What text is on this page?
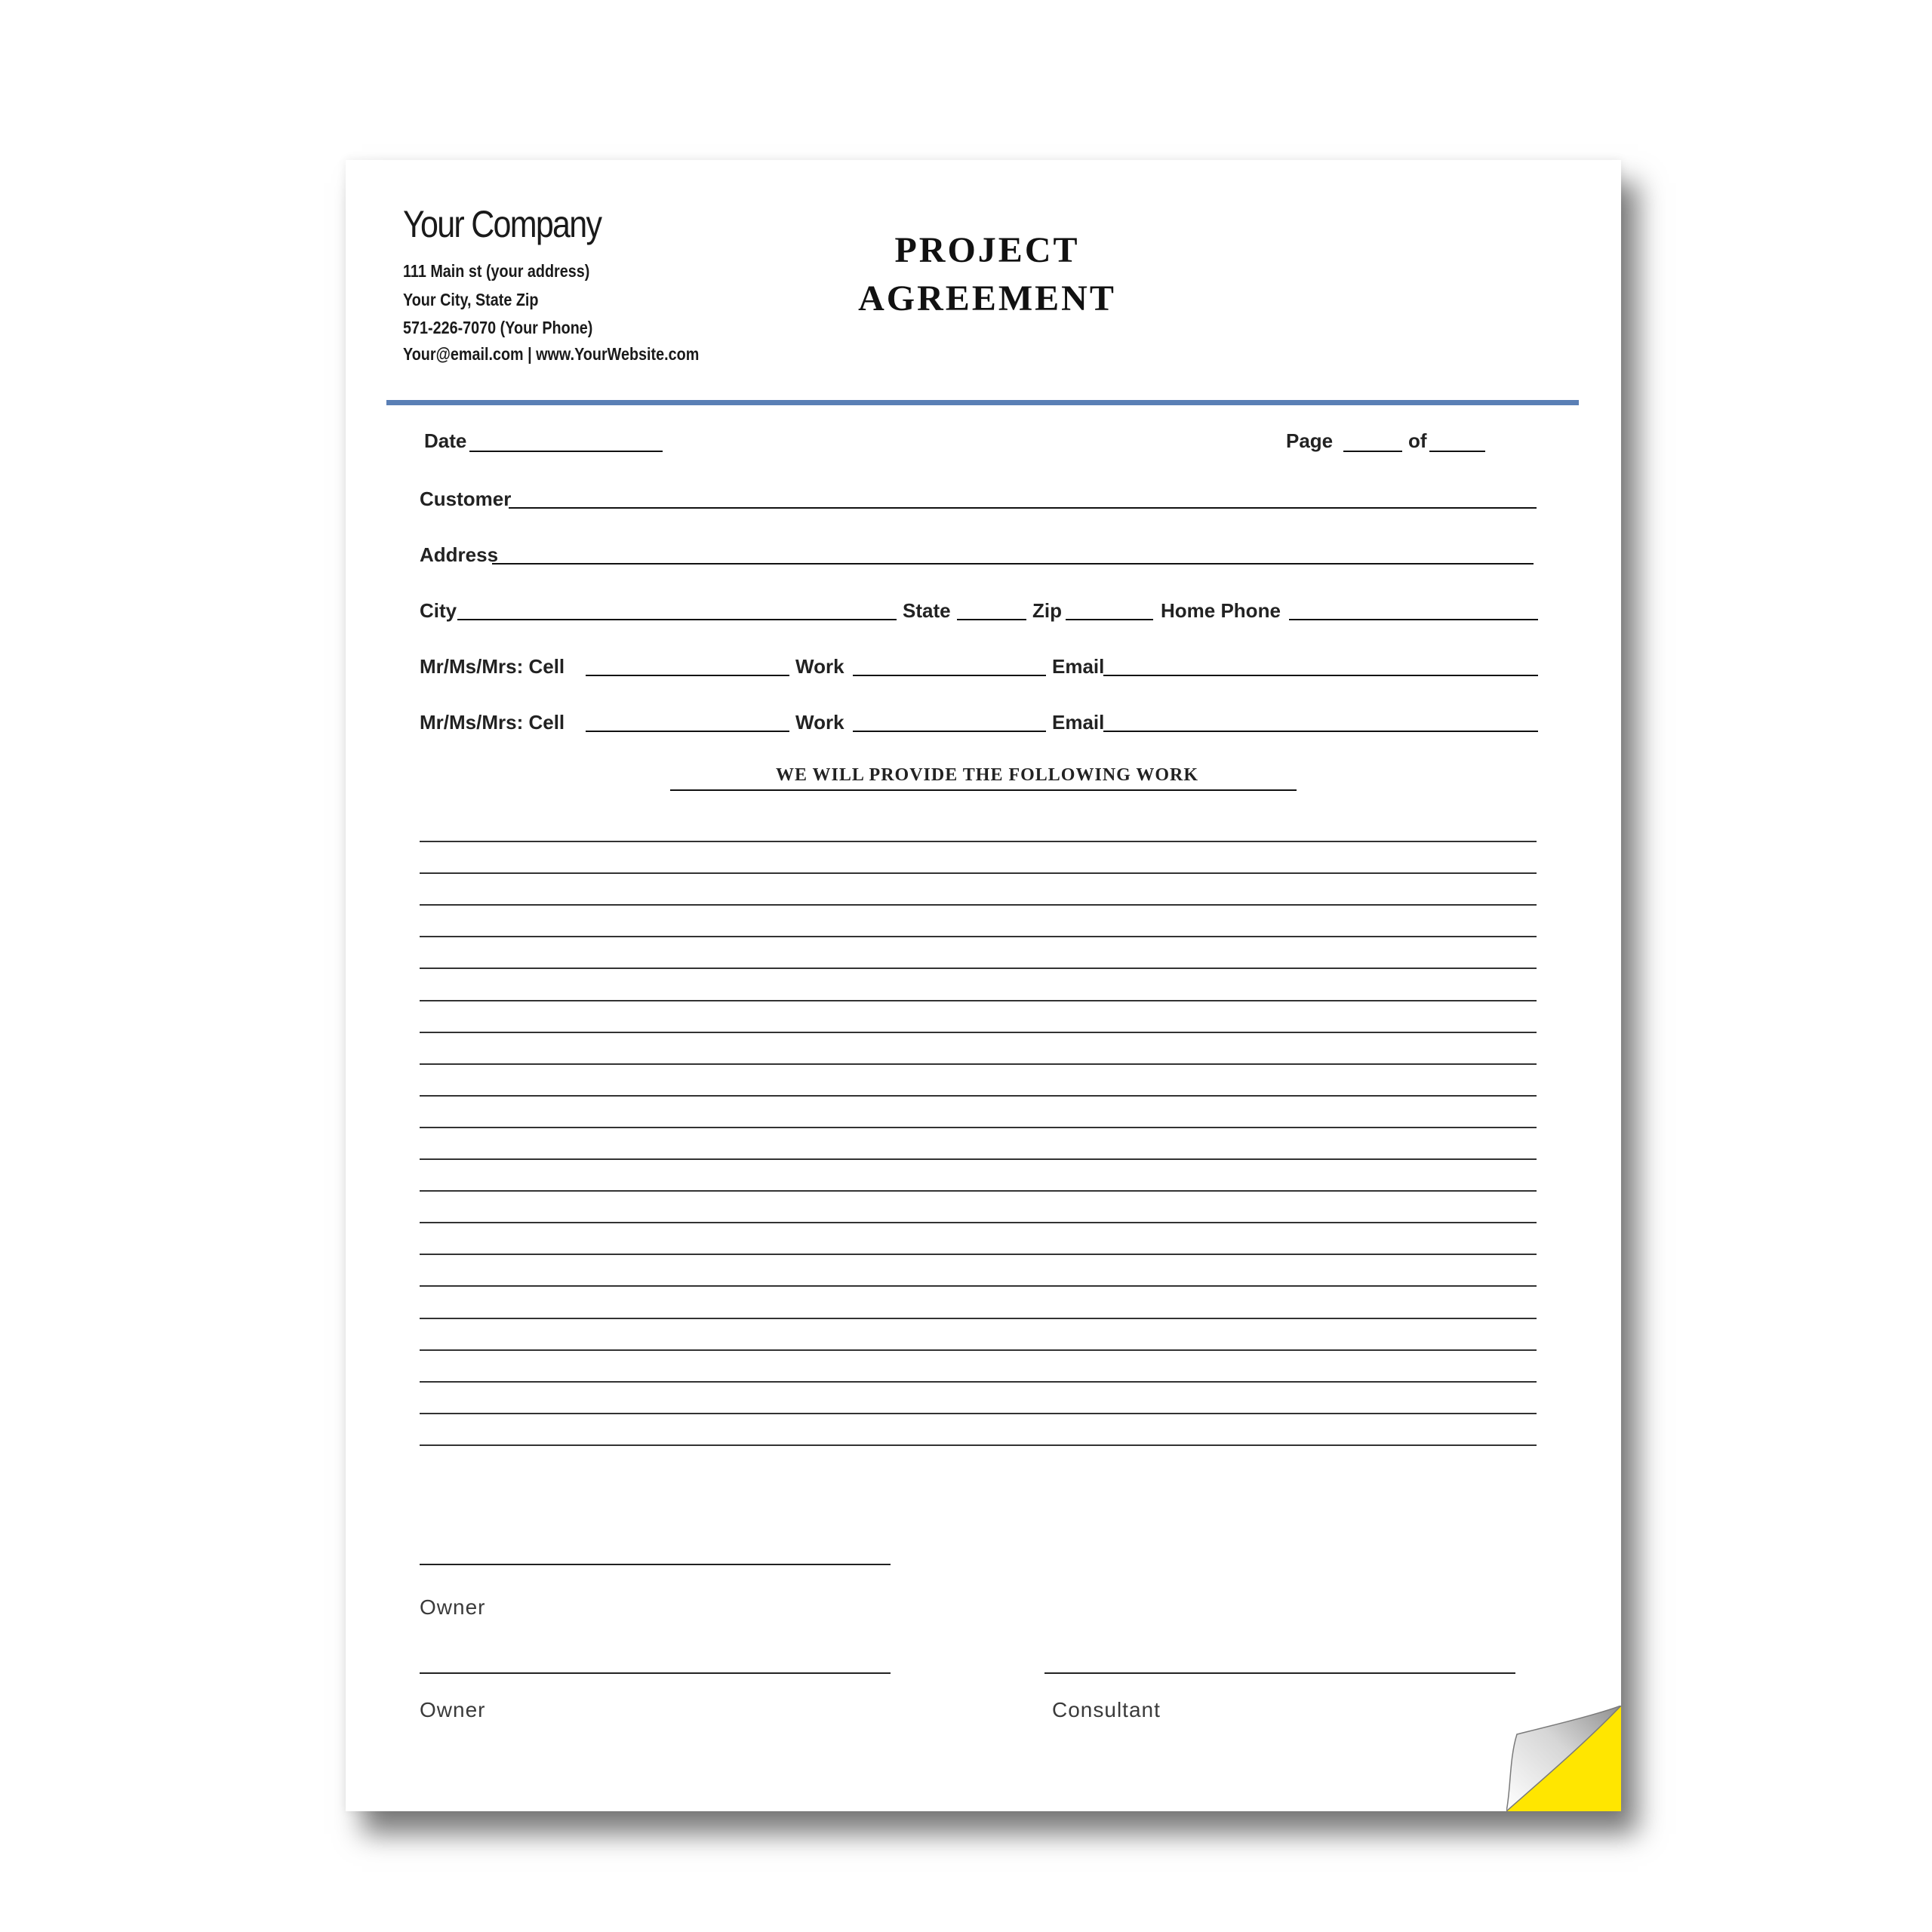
Your Company
111 Main st (your address)
Your City, State Zip
571-226-7070 (Your Phone)
Your@email.com | www.YourWebsite.com
PROJECT
AGREEMENT
Date	Page	of
Customer
Address
City	State	Zip	Home Phone
Mr/Ms/Mrs: Cell	Work	Email
Mr/Ms/Mrs: Cell	Work	Email
WE WILL PROVIDE THE FOLLOWING WORK
Owner
Owner	Consultant
